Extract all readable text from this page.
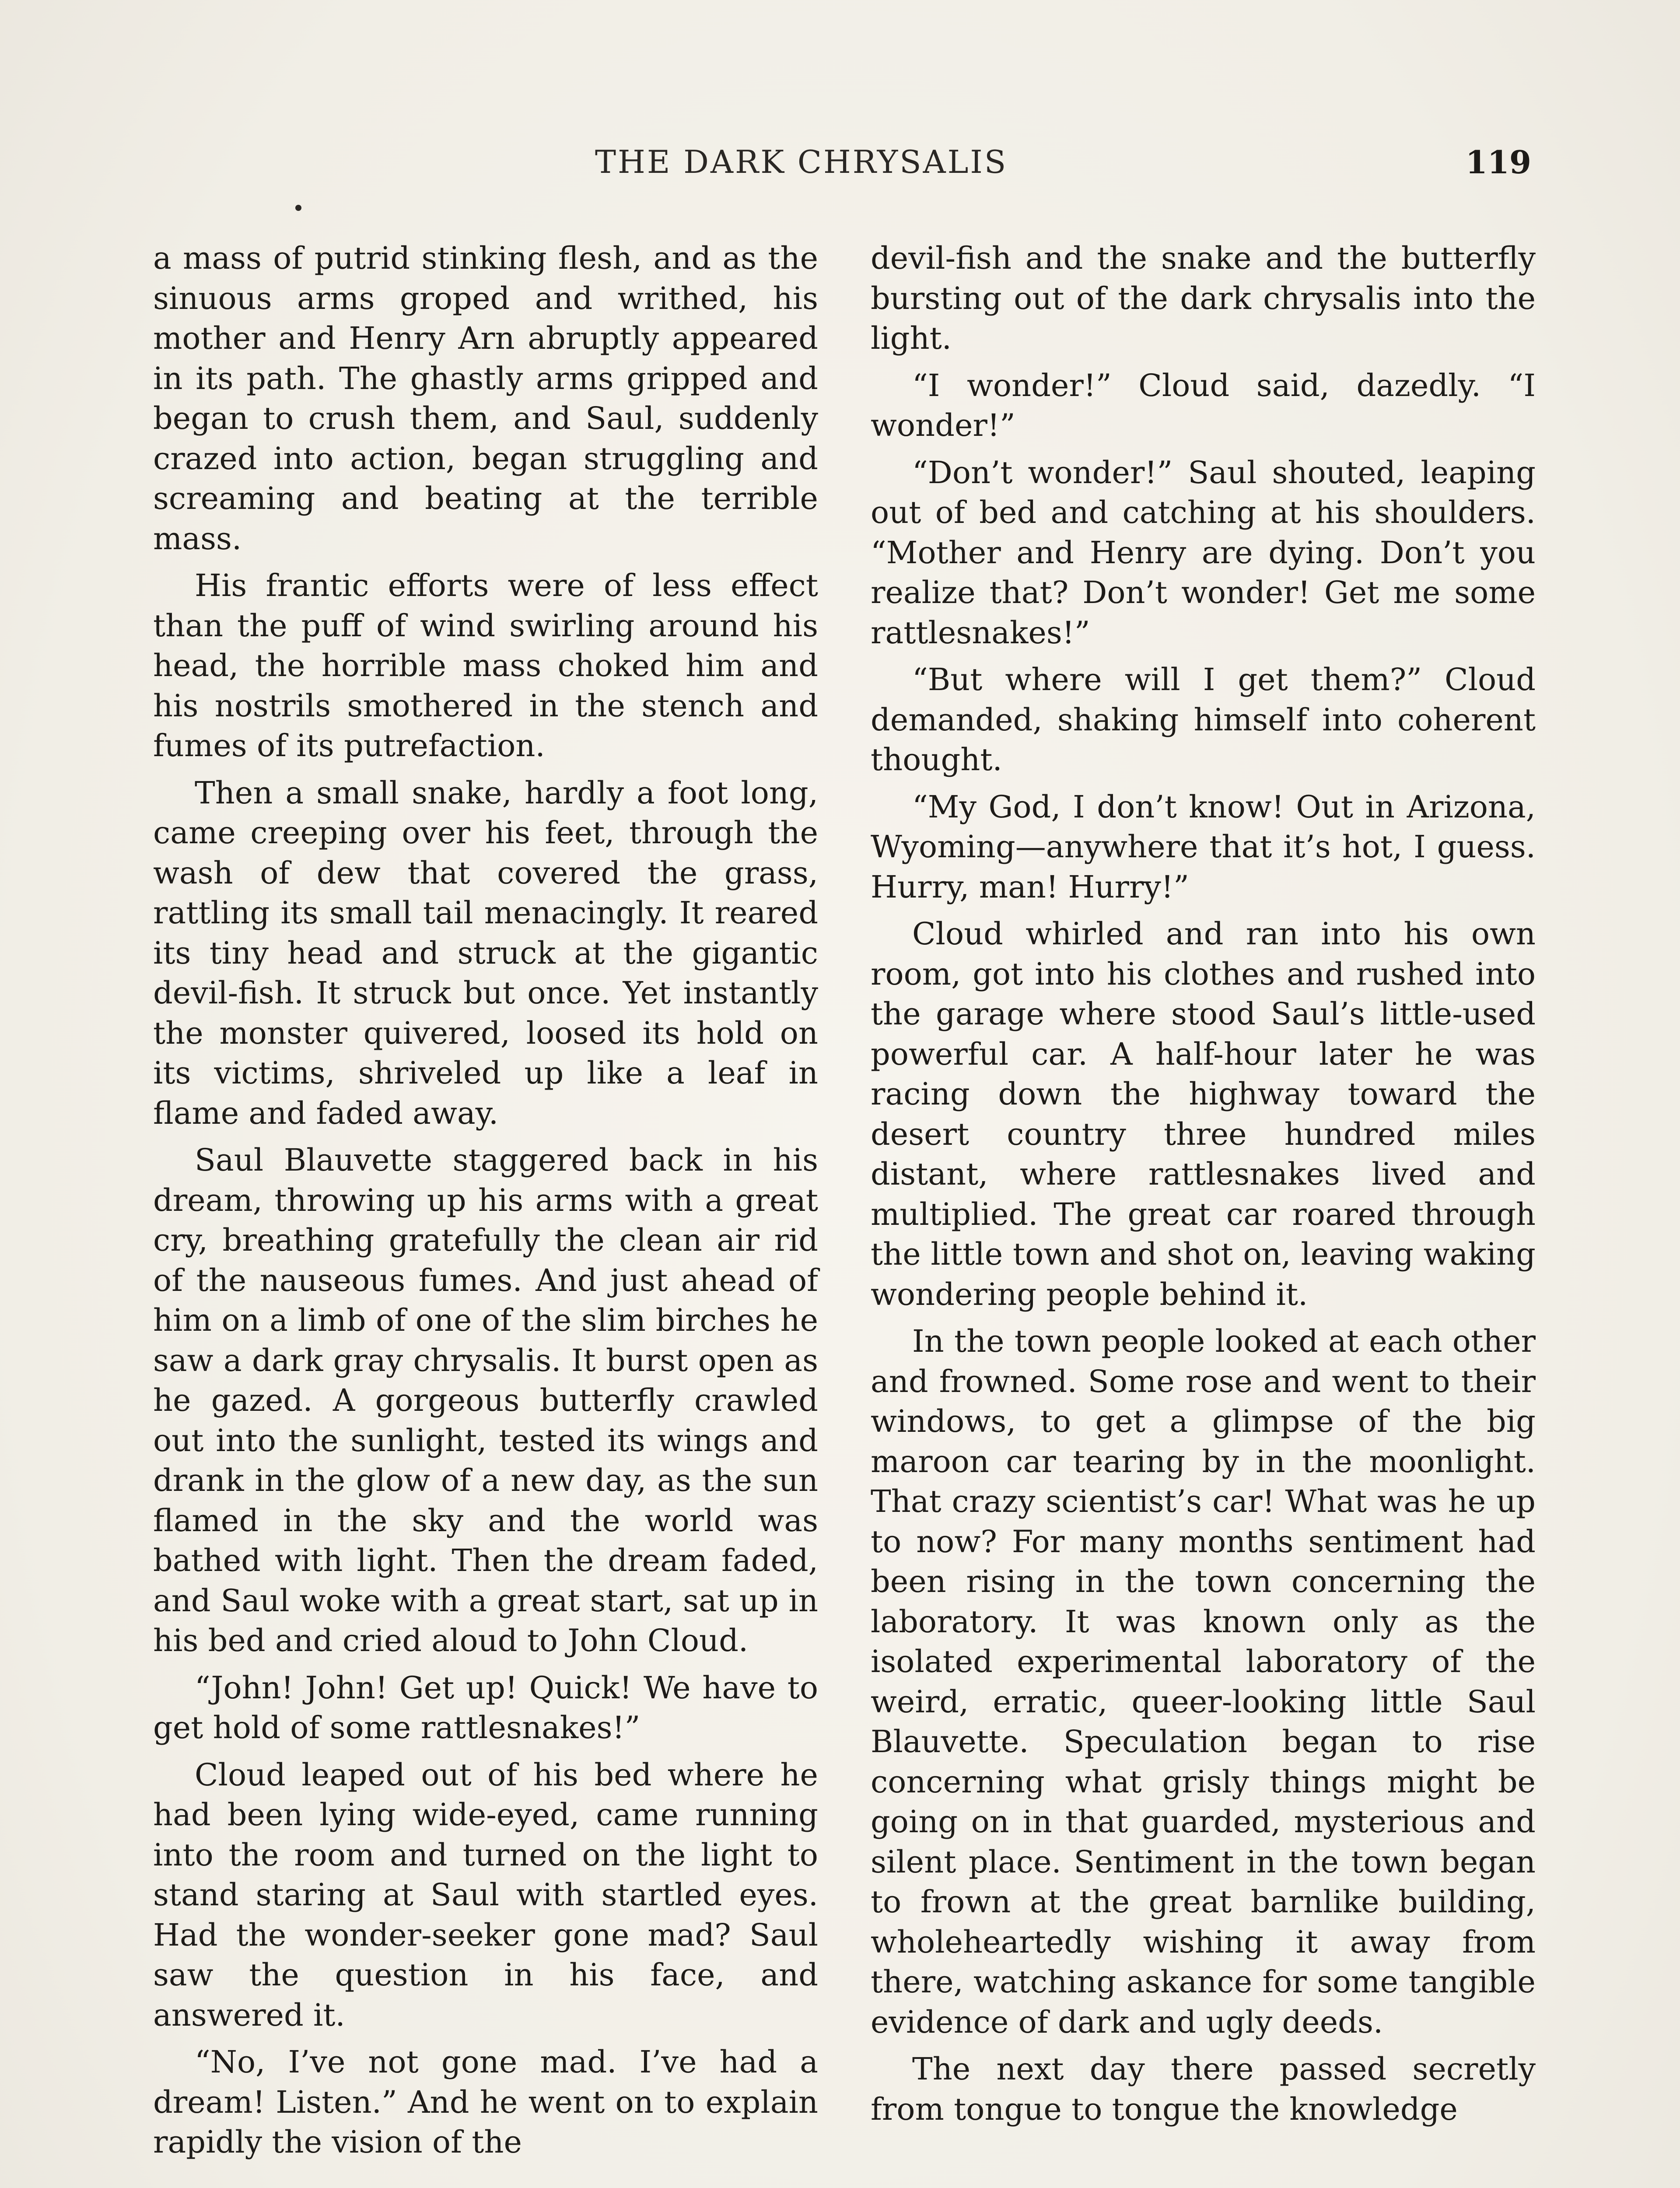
THE DARK CHRYSALIS	119

a mass of putrid stinking flesh, and as the sinuous arms groped and writhed, his mother and Henry Arn abruptly appeared in its path. The ghastly arms gripped and began to crush them, and Saul, suddenly crazed into action, began struggling and screaming and beating at the terrible mass.

His frantic efforts were of less effect than the puff of wind swirling around his head, the horrible mass choked him and his nostrils smothered in the stench and fumes of its putrefaction.

Then a small snake, hardly a foot long, came creeping over his feet, through the wash of dew that covered the grass, rattling its small tail menacingly. It reared its tiny head and struck at the gigantic devil-fish. It struck but once. Yet instantly the monster quivered, loosed its hold on its victims, shriveled up like a leaf in flame and faded away.

Saul Blauvette staggered back in his dream, throwing up his arms with a great cry, breathing gratefully the clean air rid of the nauseous fumes. And just ahead of him on a limb of one of the slim birches he saw a dark gray chrysalis. It burst open as he gazed. A gorgeous butterfly crawled out into the sunlight, tested its wings and drank in the glow of a new day, as the sun flamed in the sky and the world was bathed with light. Then the dream faded, and Saul woke with a great start, sat up in his bed and cried aloud to John Cloud.

“John! John! Get up! Quick! We have to get hold of some rattlesnakes!”

Cloud leaped out of his bed where he had been lying wide-eyed, came running into the room and turned on the light to stand staring at Saul with startled eyes. Had the wonder-seeker gone mad? Saul saw the question in his face, and answered it.

“No, I’ve not gone mad. I’ve had a dream! Listen.” And he went on to explain rapidly the vision of the

devil-fish and the snake and the butterfly bursting out of the dark chrysalis into the light.

“I wonder!” Cloud said, dazedly. “I wonder!”

“Don’t wonder!” Saul shouted, leaping out of bed and catching at his shoulders. “Mother and Henry are dying. Don’t you realize that? Don’t wonder! Get me some rattlesnakes!”

“But where will I get them?” Cloud demanded, shaking himself into coherent thought.

“My God, I don’t know! Out in Arizona, Wyoming—anywhere that it’s hot, I guess. Hurry, man! Hurry!”

Cloud whirled and ran into his own room, got into his clothes and rushed into the garage where stood Saul’s little-used powerful car. A half-hour later he was racing down the highway toward the desert country three hundred miles distant, where rattlesnakes lived and multiplied. The great car roared through the little town and shot on, leaving waking wondering people behind it.

In the town people looked at each other and frowned. Some rose and went to their windows, to get a glimpse of the big maroon car tearing by in the moonlight. That crazy scientist’s car! What was he up to now? For many months sentiment had been rising in the town concerning the laboratory. It was known only as the isolated experimental laboratory of the weird, erratic, queer-looking little Saul Blauvette. Speculation began to rise concerning what grisly things might be going on in that guarded, mysterious and silent place. Sentiment in the town began to frown at the great barnlike building, wholeheartedly wishing it away from there, watching askance for some tangible evidence of dark and ugly deeds.

The next day there passed secretly from tongue to tongue the knowledge
